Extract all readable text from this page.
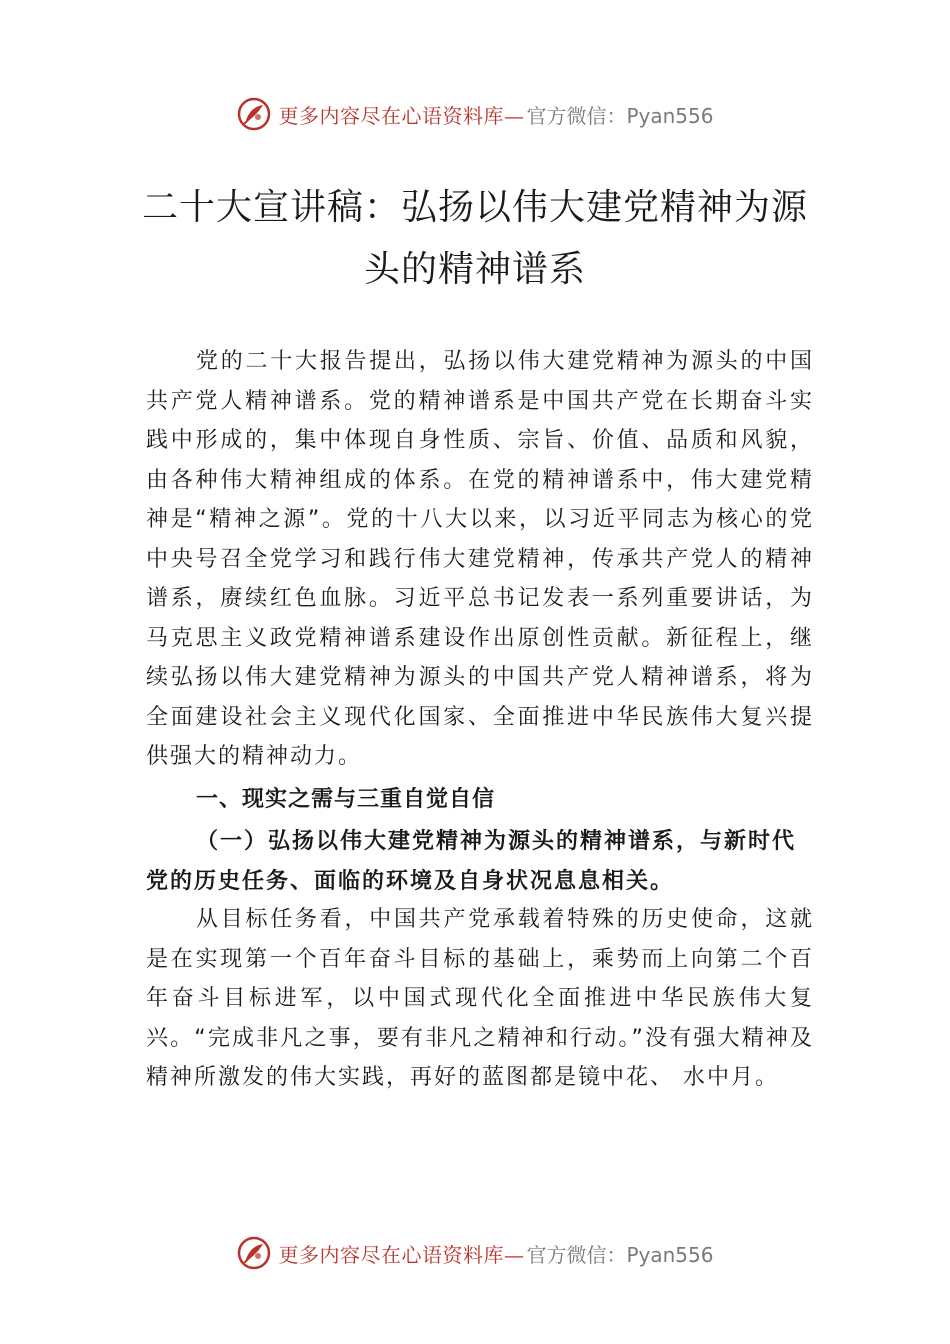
更多内容尽在心语资料库— 官方微信：Pyan556
二十大宣讲稿：弘扬以伟大建党精神为源
头的精神谱系

党的二十大报告提出，弘扬以伟大建党精神为源头的中国共产党人精神谱系。党的精神谱系是中国共产党在长期奋斗实践中形成的，集中体现自身性质、宗旨、价值、品质和风貌，由各种伟大精神组成的体系。在党的精神谱系中，伟大建党精神是“精神之源”。党的十八大以来，以习近平同志为核心的党中央号召全党学习和践行伟大建党精神，传承共产党人的精神谱系，赓续红色血脉。习近平总书记发表一系列重要讲话，为马克思主义政党精神谱系建设作出原创性贡献。新征程上，继续弘扬以伟大建党精神为源头的中国共产党人精神谱系，将为全面建设社会主义现代化国家、全面推进中华民族伟大复兴提供强大的精神动力。

一、现实之需与三重自觉自信
（一）弘扬以伟大建党精神为源头的精神谱系，与新时代党的历史任务、面临的环境及自身状况息息相关。

从目标任务看，中国共产党承载着特殊的历史使命，这就是在实现第一个百年奋斗目标的基础上，乘势而上向第二个百年奋斗目标进军，以中国式现代化全面推进中华民族伟大复兴。“完成非凡之事，要有非凡之精神和行动。”没有强大精神及精神所激发的伟大实践，再好的蓝图都是镜中花、 水中月。

更多内容尽在心语资料库— 官方微信：Pyan556
